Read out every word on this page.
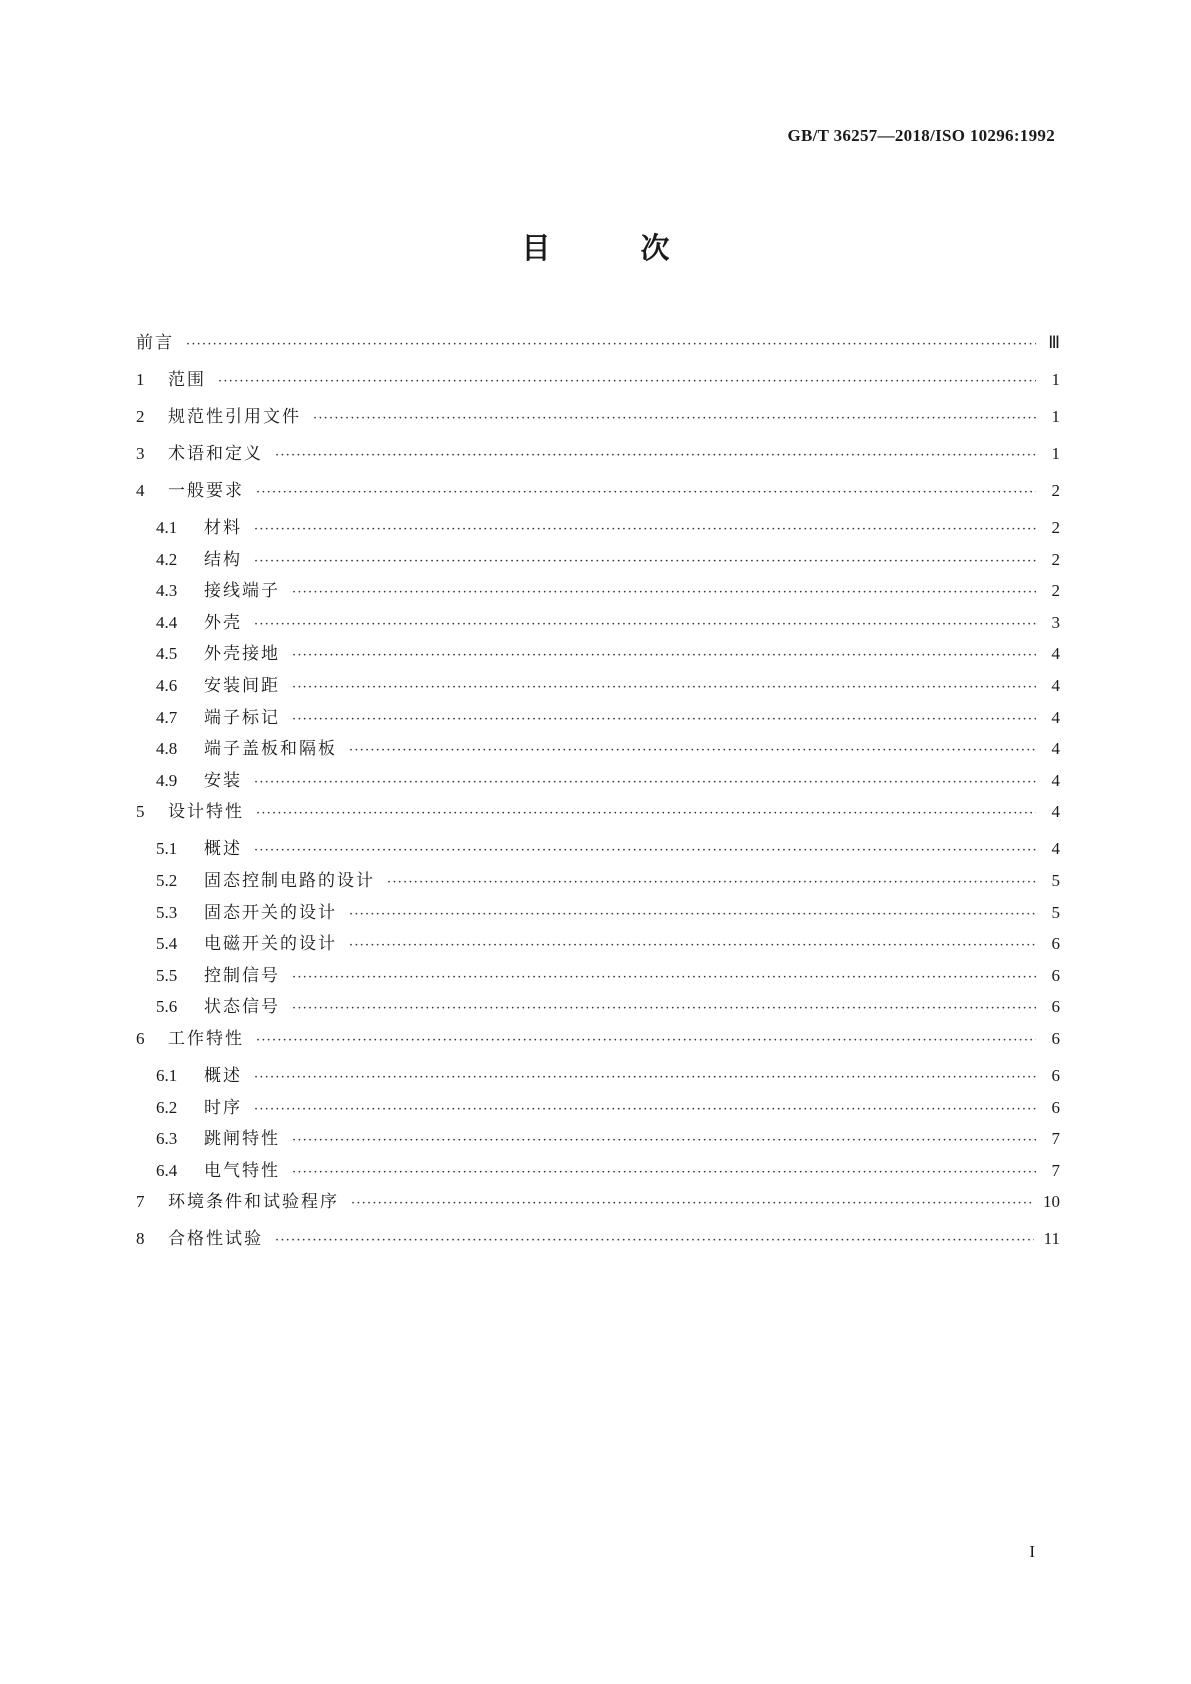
GB/T 36257—2018/ISO 10296:1992
目 次
前言 ·····	Ⅲ
1	范围 ·····	1
2	规范性引用文件 ·····	1
3	术语和定义 ·····	1
4	一般要求 ·····	2
4.1	材料 ·····	2
4.2	结构 ·····	2
4.3	接线端子 ·····	2
4.4	外壳 ·····	3
4.5	外壳接地 ·····	4
4.6	安装间距 ·····	4
4.7	端子标记 ·····	4
4.8	端子盖板和隔板 ·····	4
4.9	安装 ·····	4
5	设计特性 ·····	4
5.1	概述 ·····	4
5.2	固态控制电路的设计 ·····	5
5.3	固态开关的设计 ·····	5
5.4	电磁开关的设计 ·····	6
5.5	控制信号 ·····	6
5.6	状态信号 ·····	6
6	工作特性 ·····	6
6.1	概述 ·····	6
6.2	时序 ·····	6
6.3	跳闸特性 ·····	7
6.4	电气特性 ·····	7
7	环境条件和试验程序 ·····	10
8	合格性试验 ·····	11
I
